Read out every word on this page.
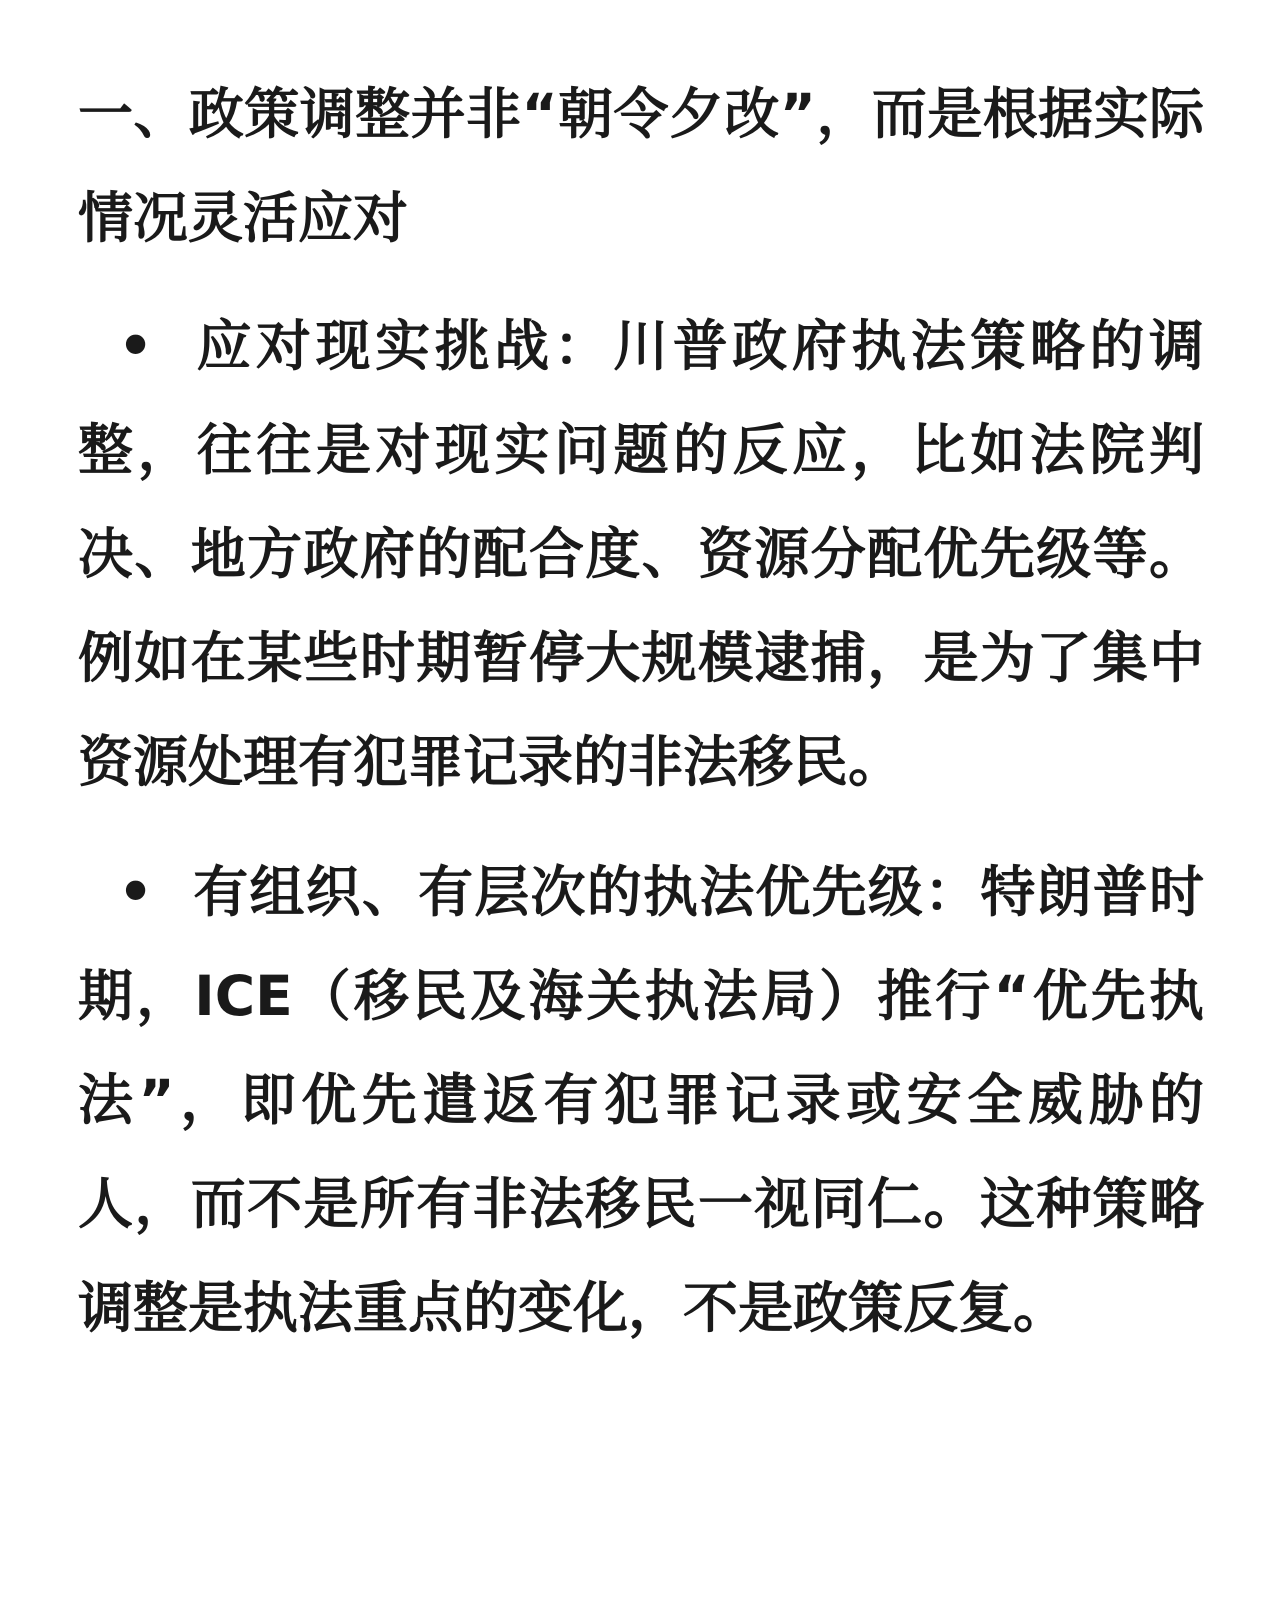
一、政策调整并非“朝令夕改”，而是根据实际情况灵活应对
• 应对现实挑战：川普政府执法策略的调整，往往是对现实问题的反应，比如法院判决、地方政府的配合度、资源分配优先级等。例如在某些时期暂停大规模逮捕，是为了集中资源处理有犯罪记录的非法移民。
• 有组织、有层次的执法优先级：特朗普时期，ICE（移民及海关执法局）推行“优先执法”，即优先遣返有犯罪记录或安全威胁的人，而不是所有非法移民一视同仁。这种策略调整是执法重点的变化，不是政策反复。
